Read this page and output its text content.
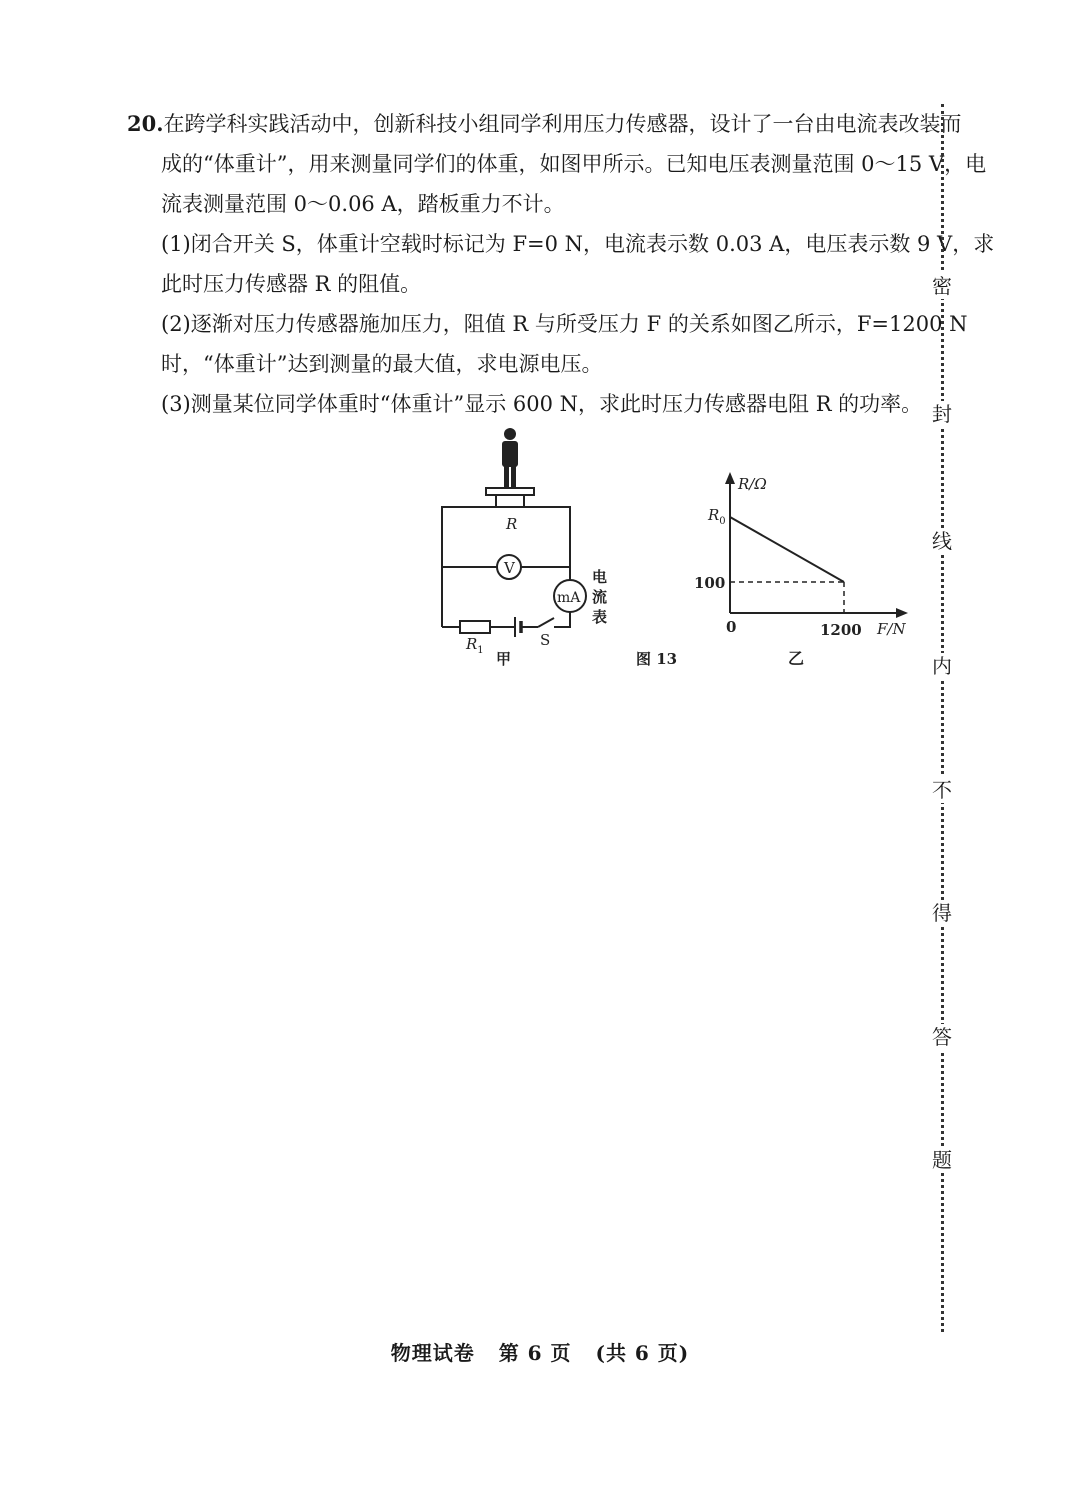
20.在跨学科实践活动中，创新科技小组同学利用压力传感器，设计了一台由电流表改装而
成的“体重计”，用来测量同学们的体重，如图甲所示。已知电压表测量范围 0～15 V，电
流表测量范围 0～0.06 A，踏板重力不计。
(1)闭合开关 S，体重计空载时标记为 F=0 N，电流表示数 0.03 A，电压表示数 9 V，求
此时压力传感器 R 的阻值。
(2)逐渐对压力传感器施加压力，阻值 R 与所受压力 F 的关系如图乙所示，F=1200 N
时，“体重计”达到测量的最大值，求电源电压。
(3)测量某位同学体重时“体重计”显示 600 N，求此时压力传感器电阻 R 的功率。
R
V
mA
电
流
表
$R_1$
S
甲	图 13
R/Ω
$R_0$
100
0	1200 F/N
乙
密
封
线
内
不
得
答
题
物理试卷 第 6 页 (共 6 页)
